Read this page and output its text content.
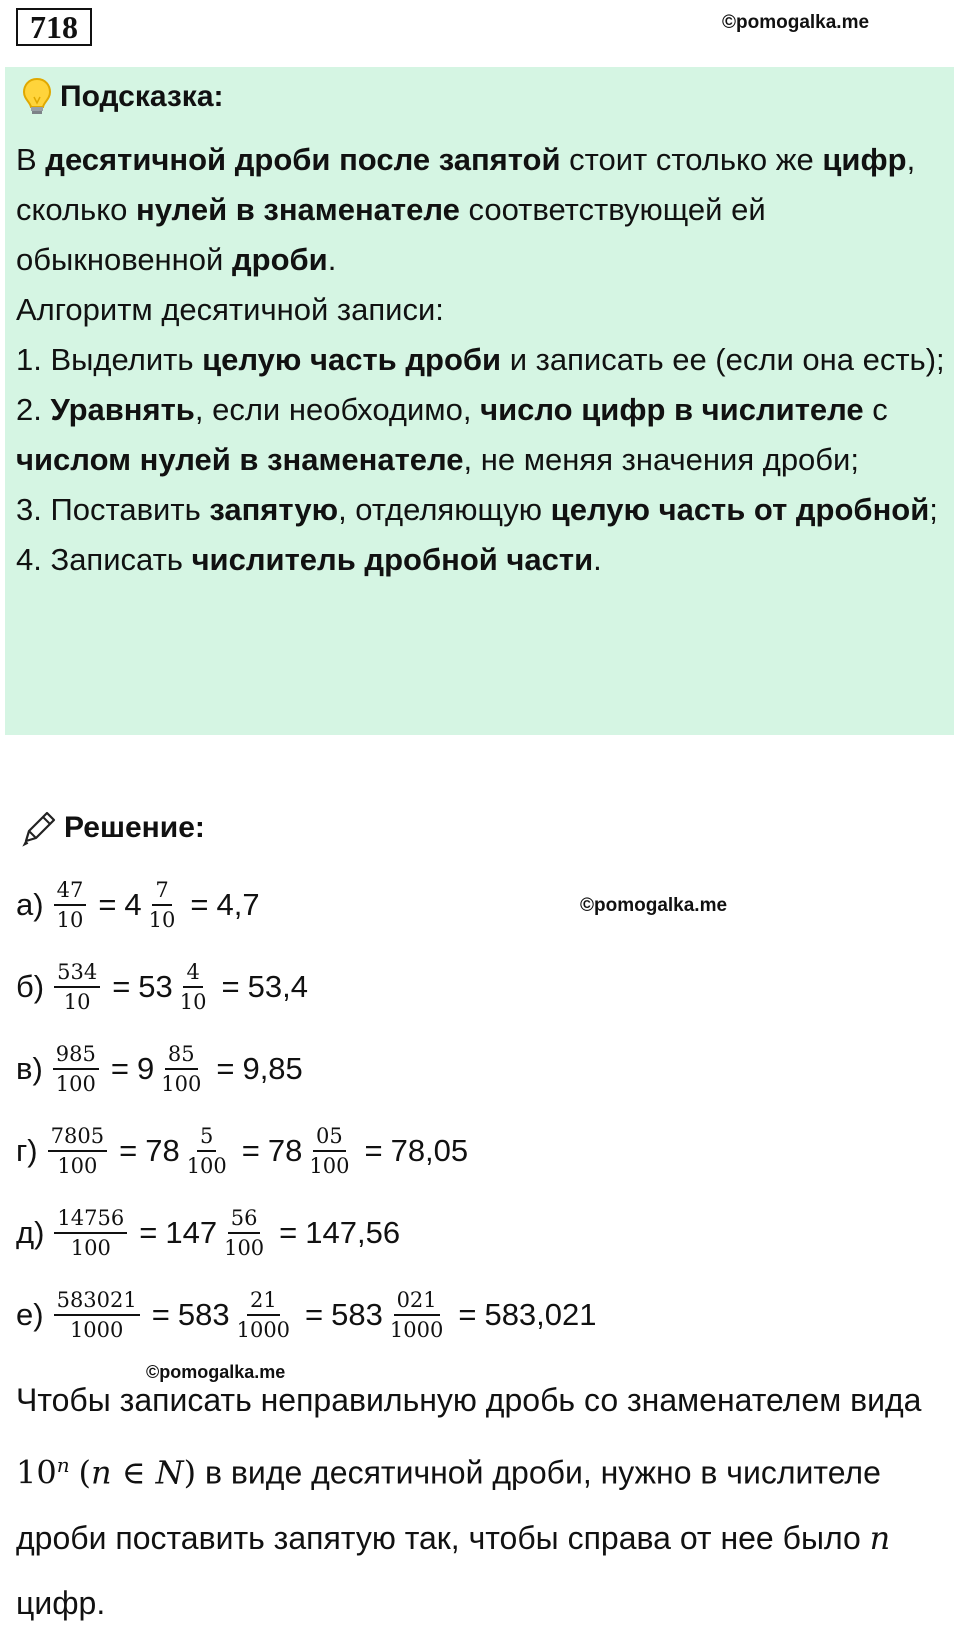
718	©pomogalka.me
Подсказка:

В десятичной дроби после запятой стоит столько же цифр, сколько нулей в знаменателе соответствующей ей обыкновенной дроби.

Алгоритм десятичной записи:

1. Выделить целую часть дроби и записать ее (если она есть);

2. Уравнять, если необходимо, число цифр в числителе с числом нулей в знаменателе, не меняя значения дроби;

3. Поставить запятую, отделяющую целую часть от дробной;

4. Записать числитель дробной части.

Решение:
©pomogalka.me
$а) \frac{47}{10} = 4 \frac{7}{10} = 4,7$
$б) \frac{534}{10} = 53 \frac{4}{10} = 53,4$
$в) \frac{985}{100} = 9 \frac{85}{100} = 9,85$
$г) \frac{7805}{100} = 78 \frac{5}{100} = 78 \frac{05}{100} = 78,05$
$д) \frac{14756}{100} = 147 \frac{56}{100} = 147,56$
$е) \frac{583021}{1000} = 583 \frac{21}{1000} = 583 \frac{021}{1000} = 583,021$
©pomogalka.me

Чтобы записать неправильную дробь со знаменателем вида

10$^n$ (n ∈ N) в виде десятичной дроби, нужно в числителе

дроби поставить запятую так, чтобы справа от нее было n

цифр.
